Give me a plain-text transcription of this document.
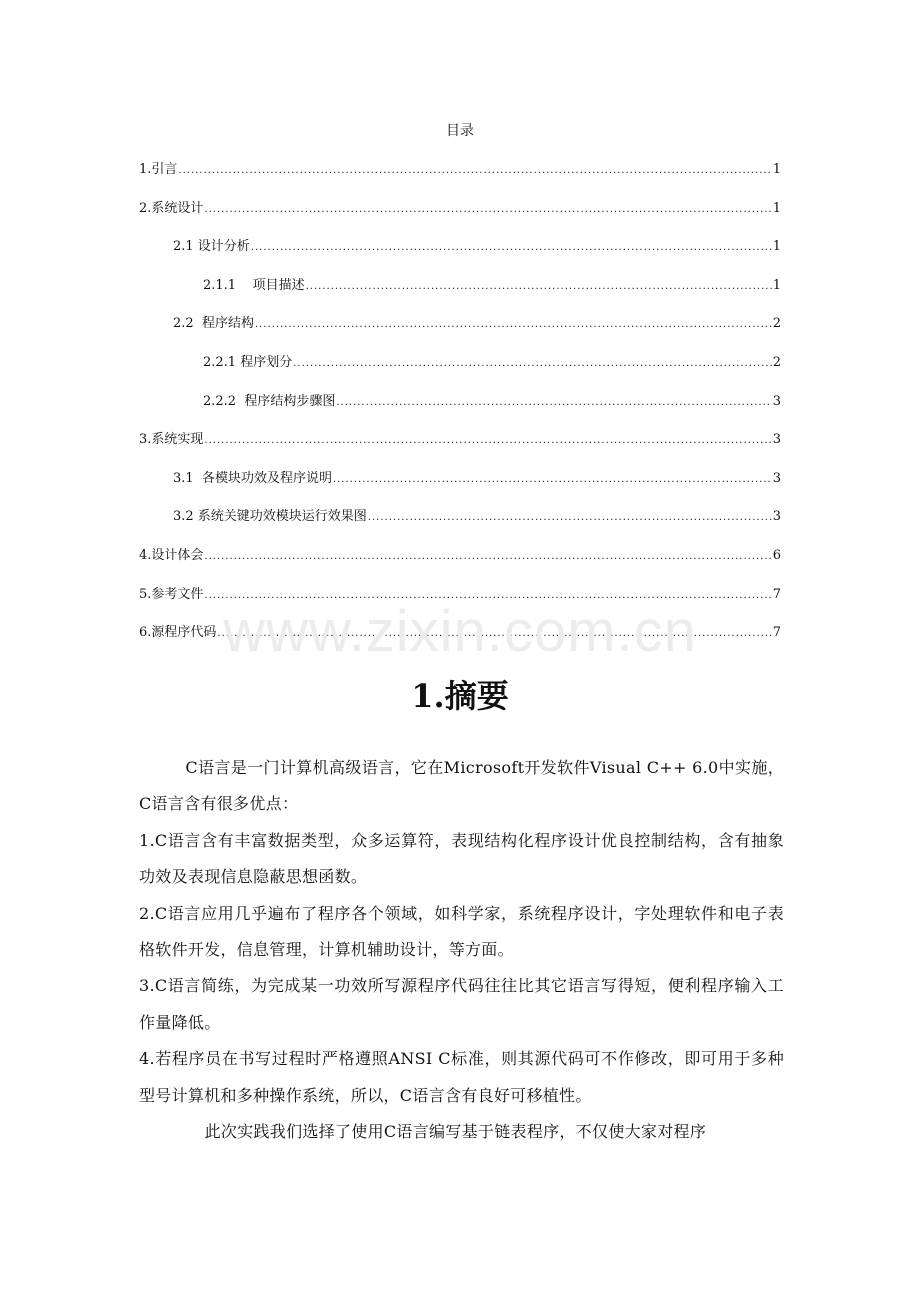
目录
1.引言 .....	1
2.系统设计 .....	1
2.1 设计分析 .....	1
2.1.1    项目描述 .....	1
2.2  程序结构 .....	2
2.2.1 程序划分 .....	2
2.2.2  程序结构步骤图 .....	3
3.系统实现 .....	3
3.1  各模块功效及程序说明 .....	3
3.2 系统关键功效模块运行效果图 .....	3
4.设计体会 .....	6
5.参考文件 .....	7
6.源程序代码 .....	7
www.zixin.com.cn
1.摘要

C语言是一门计算机高级语言，它在Microsoft开发软件Visual C++ 6.0中实施，C语言含有很多优点：

1.C语言含有丰富数据类型，众多运算符，表现结构化程序设计优良控制结构，含有抽象功效及表现信息隐蔽思想函数。

2.C语言应用几乎遍布了程序各个领域，如科学家，系统程序设计，字处理软件和电子表格软件开发，信息管理，计算机辅助设计，等方面。

3.C语言简练，为完成某一功效所写源程序代码往往比其它语言写得短，便利程序输入工作量降低。

4.若程序员在书写过程时严格遵照ANSI C标准，则其源代码可不作修改，即可用于多种型号计算机和多种操作系统，所以，C语言含有良好可移植性。

此次实践我们选择了使用C语言编写基于链表程序，不仅使大家对程序
